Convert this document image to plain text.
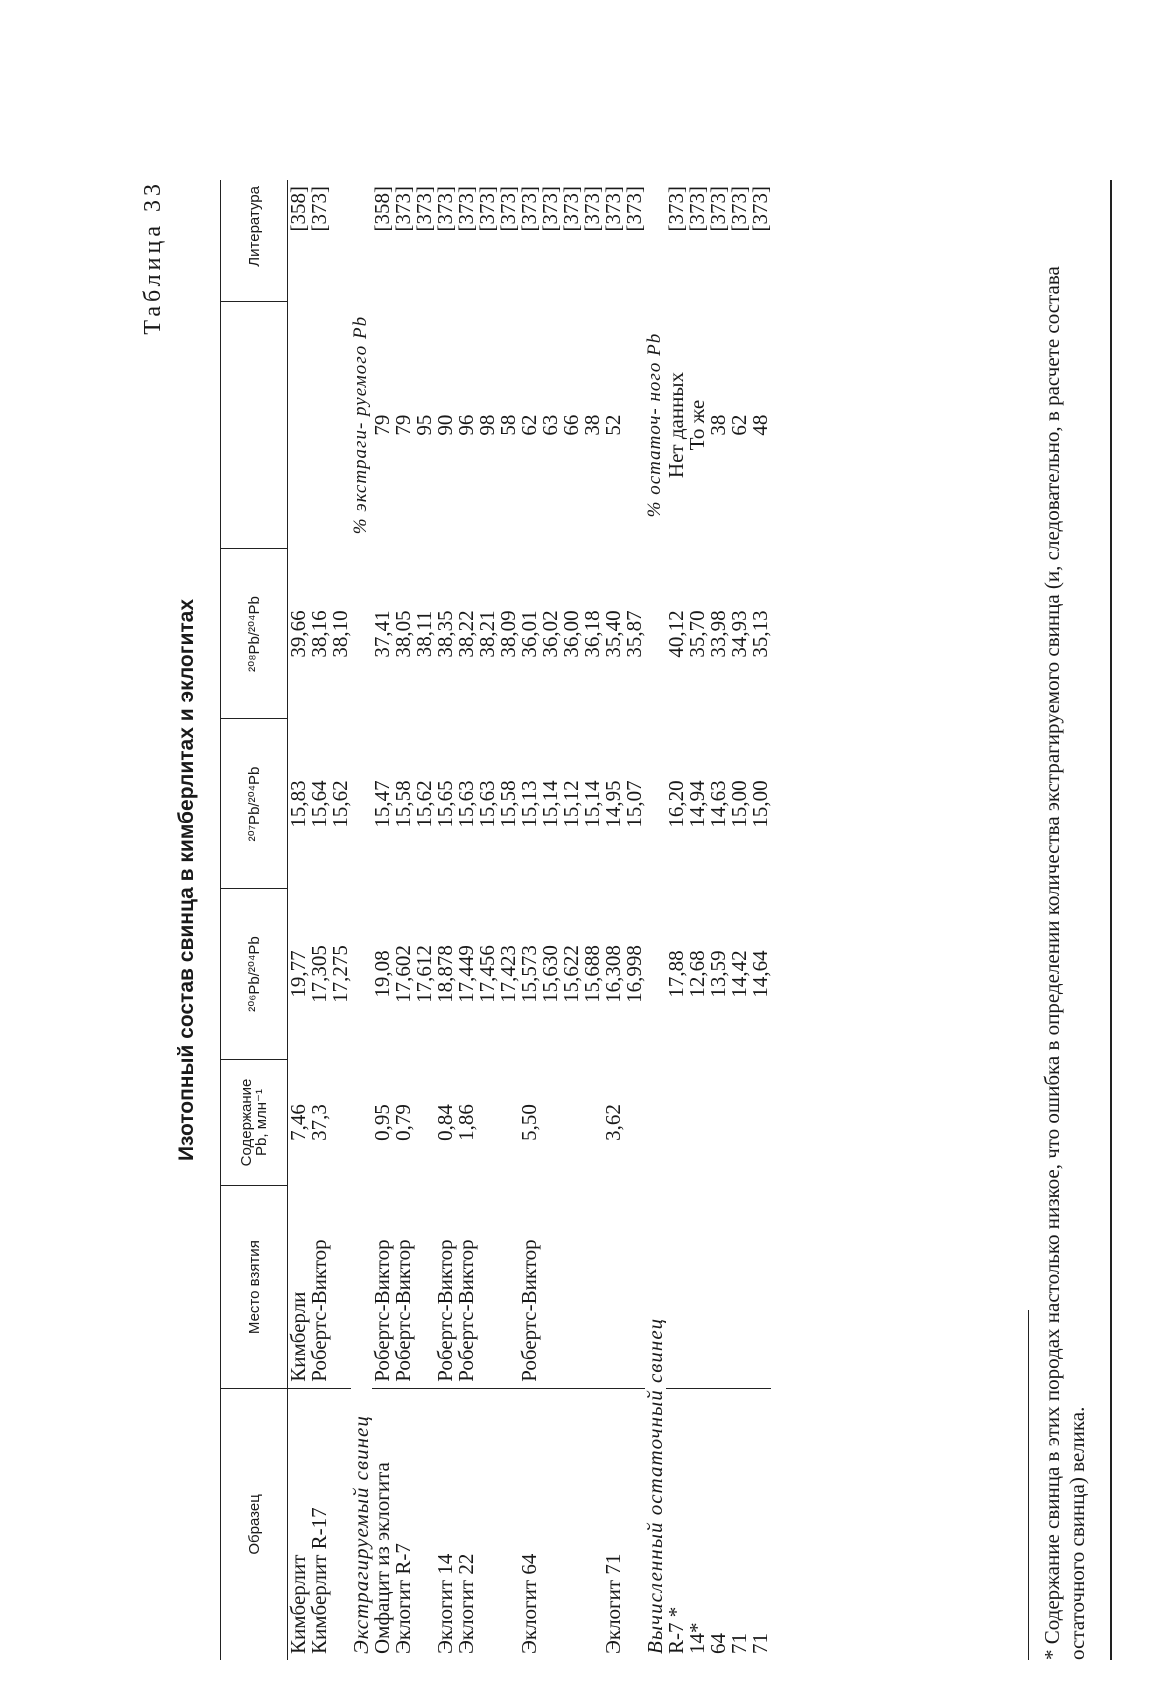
Таблица 33
Изотопный состав свинца в кимберлитах и эклогитах
Образец	Место взятия	Содержание Pb, млн⁻¹	²⁰⁶Pb/²⁰⁴Pb	²⁰⁷Pb/²⁰⁴Pb	²⁰⁸Pb/²⁰⁴Pb		Литература
Кимберлит	Кимберли	7,46	19,77	15,83	39,66		[358]
Кимберлит R-17	Робертс-Виктор	37,3	17,305	15,64	38,16		[373]
			17,275	15,62	38,10		
Экстрагируемый свинец						% экстраги- руемого Pb	
Омфацит из эклогита	Робертс-Виктор	0,95	19,08	15,47	37,41	79	[358]
Эклогит R-7	Робертс-Виктор	0,79	17,602	15,58	38,05	79	[373]
			17,612	15,62	38,11	95	[373]
Эклогит 14	Робертс-Виктор	0,84	18,878	15,65	38,35	90	[373]
Эклогит 22	Робертс-Виктор	1,86	17,449	15,63	38,22	96	[373]
			17,456	15,63	38,21	98	[373]
			17,423	15,58	38,09	58	[373]
Эклогит 64	Робертс-Виктор	5,50	15,573	15,13	36,01	62	[373]
			15,630	15,14	36,02	63	[373]
			15,622	15,12	36,00	66	[373]
			15,688	15,14	36,18	38	[373]
Эклогит 71		3,62	16,308	14,95	35,40	52	[373]
			16,998	15,07	35,87		[373]
Вычисленный остаточный свинец						% остаточ- ного Pb	
R-7 *			17,88	16,20	40,12	Нет данных	[373]
14*			12,68	14,94	35,70	То же	[373]
64			13,59	14,63	33,98	38	[373]
71			14,42	15,00	34,93	62	[373]
71			14,64	15,00	35,13	48	[373]
* Содержание свинца в этих породах настолько низкое, что ошибка в определении количества экстрагируемого свинца (и, следовательно, в расчете состава остаточного свинца) велика.
